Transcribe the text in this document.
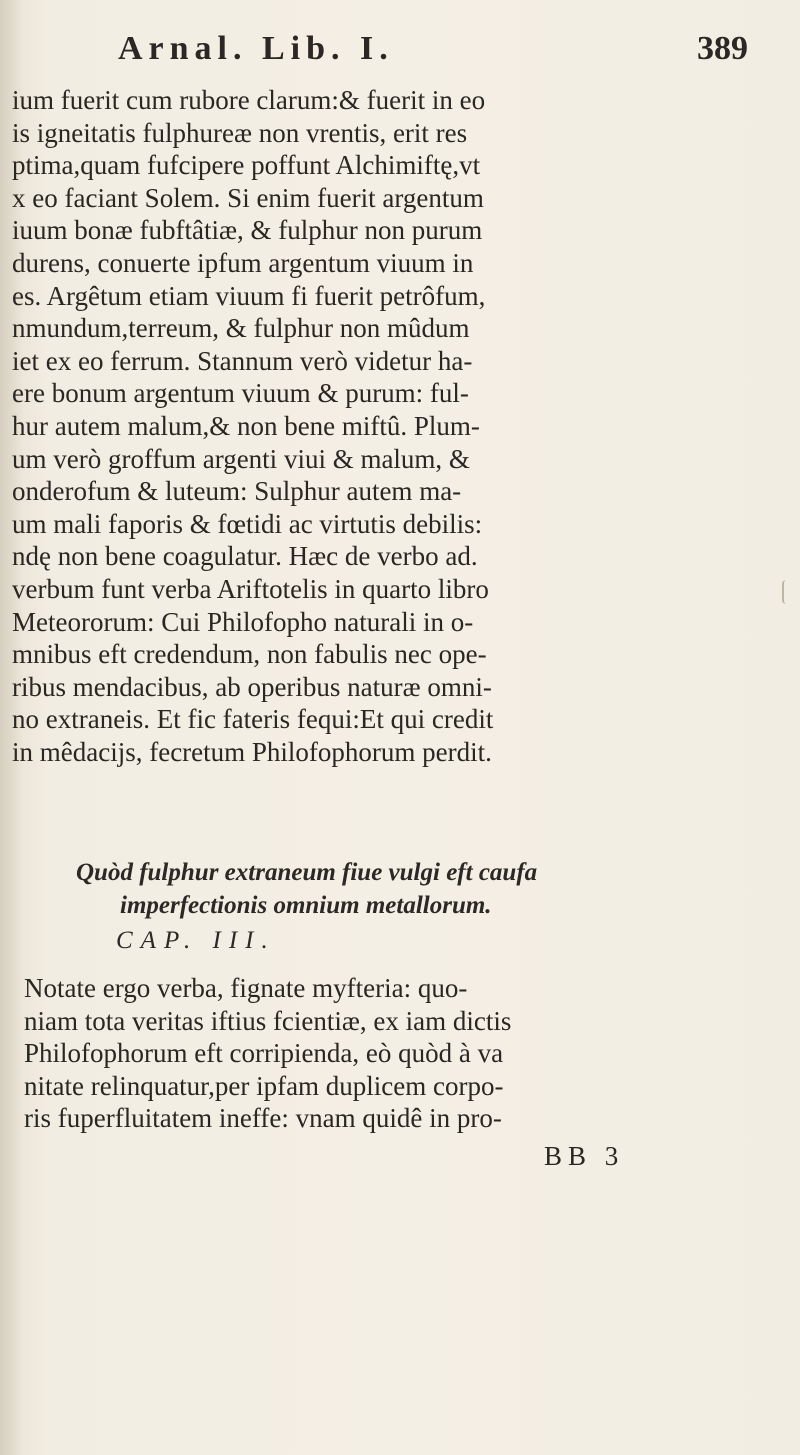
Arnal. Lib. I.	389
ium fuerit cum rubore clarum:& fuerit in eo
is igneitatis fulphureæ non vrentis, erit res
ptima,quam fufcipere poffunt Alchimiftę,vt
x eo faciant Solem. Si enim fuerit argentum
iuum bonæ fubftâtiæ, & fulphur non purum
durens, conuerte ipfum argentum viuum in
es. Argêtum etiam viuum fi fuerit petrôfum,
nmundum,terreum, & fulphur non mûdum
iet ex eo ferrum. Stannum verò videtur ha-
ere bonum argentum viuum & purum: ful-
hur autem malum,& non bene miftû. Plum-
um verò groffum argenti viui & malum, &
onderofum & luteum: Sulphur autem ma-
um mali faporis & fœtidi ac virtutis debilis:
ndę non bene coagulatur. Hæc de verbo ad.
verbum funt verba Ariftotelis in quarto libro
Meteororum: Cui Philofopho naturali in o-
mnibus eft credendum, non fabulis nec ope-
ribus mendacibus, ab operibus naturæ omni-
no extraneis. Et fic fateris fequi:Et qui credit
in mêdacijs, fecretum Philofophorum perdit.
Quòd fulphur extraneum fiue vulgi eft caufa
imperfectionis omnium metallorum.
CAP. III.
Notate ergo verba, fignate myfteria: quo-
niam tota veritas iftius fcientiæ, ex iam dictis
Philofophorum eft corripienda, eò quòd à va
nitate relinquatur,per ipfam duplicem corpo-
ris fuperfluitatem ineffe: vnam quidê in pro-
BB 3
